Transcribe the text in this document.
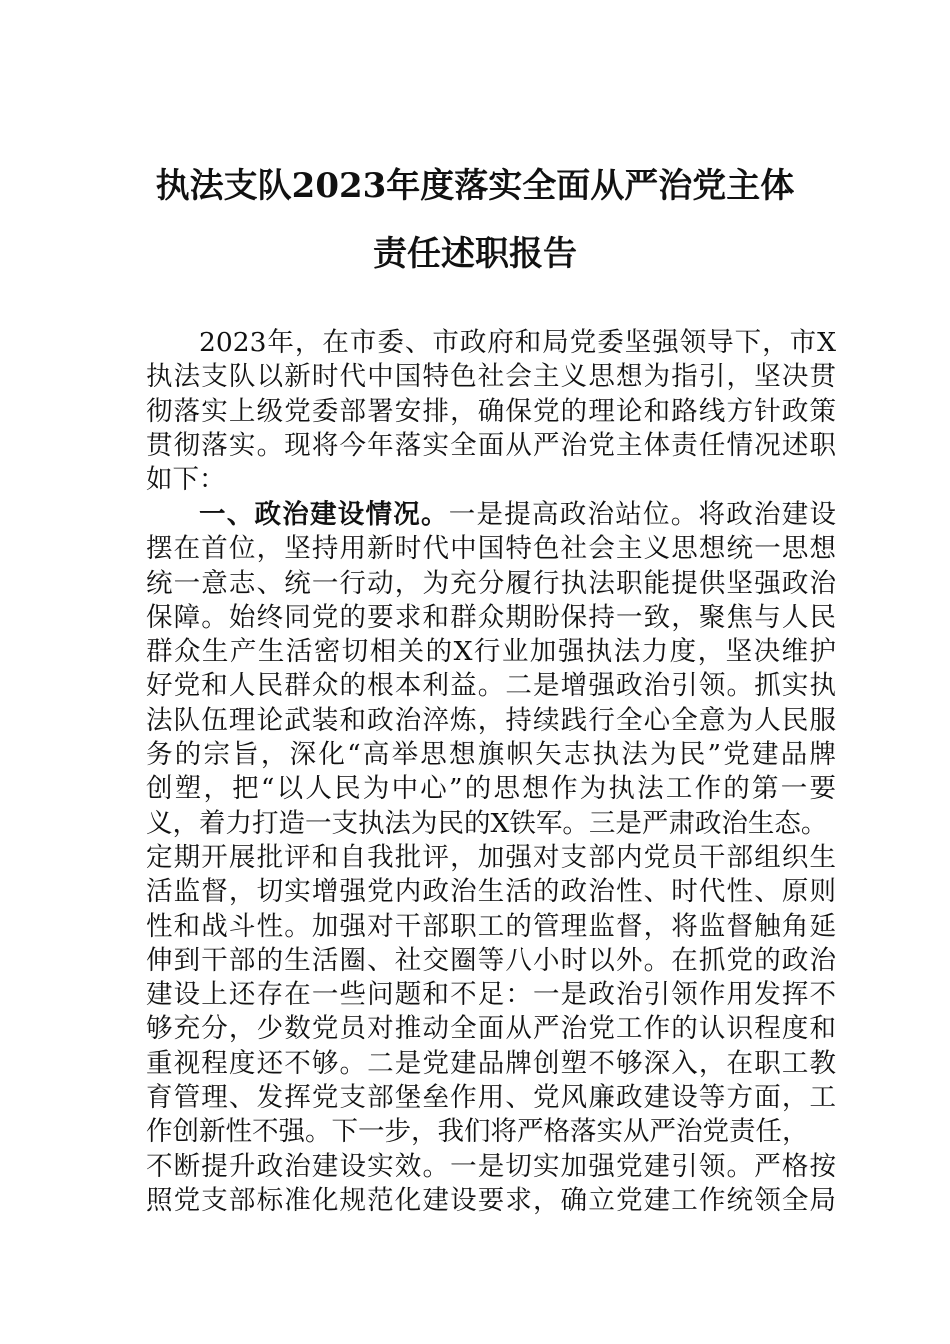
执法支队2023年度落实全面从严治党主体
责任述职报告
2023年，在市委、市政府和局党委坚强领导下，市X
执法支队以新时代中国特色社会主义思想为指引，坚决贯
彻落实上级党委部署安排，确保党的理论和路线方针政策
贯彻落实。现将今年落实全面从严治党主体责任情况述职
如下：
一、政治建设情况。一是提高政治站位。将政治建设
摆在首位，坚持用新时代中国特色社会主义思想统一思想
统一意志、统一行动，为充分履行执法职能提供坚强政治
保障。始终同党的要求和群众期盼保持一致，聚焦与人民
群众生产生活密切相关的X行业加强执法力度，坚决维护
好党和人民群众的根本利益。二是增强政治引领。抓实执
法队伍理论武装和政治淬炼，持续践行全心全意为人民服
务的宗旨，深化“高举思想旗帜矢志执法为民”党建品牌
创塑，把“以人民为中心”的思想作为执法工作的第一要
义，着力打造一支执法为民的X铁军。三是严肃政治生态。
定期开展批评和自我批评，加强对支部内党员干部组织生
活监督，切实增强党内政治生活的政治性、时代性、原则
性和战斗性。加强对干部职工的管理监督，将监督触角延
伸到干部的生活圈、社交圈等八小时以外。在抓党的政治
建设上还存在一些问题和不足：一是政治引领作用发挥不
够充分，少数党员对推动全面从严治党工作的认识程度和
重视程度还不够。二是党建品牌创塑不够深入，在职工教
育管理、发挥党支部堡垒作用、党风廉政建设等方面，工
作创新性不强。下一步，我们将严格落实从严治党责任，
不断提升政治建设实效。一是切实加强党建引领。严格按
照党支部标准化规范化建设要求，确立党建工作统领全局
